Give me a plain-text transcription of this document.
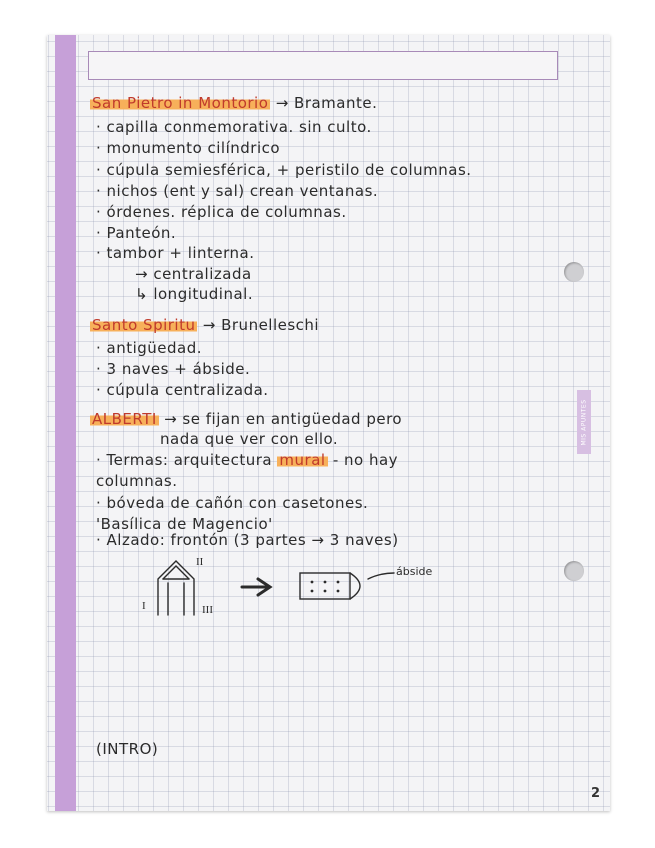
MIS APUNTES
San Pietro in Montorio → Bramante.
· capilla conmemorativa. sin culto.
· monumento cilíndrico
· cúpula semiesférica, + peristilo de columnas.
· nichos (ent y sal) crean ventanas.
· órdenes. réplica de columnas.
· Panteón.
· tambor + linterna.
→ centralizada
↳ longitudinal.
Santo Spiritu → Brunelleschi
· antigüedad.
· 3 naves + ábside.
· cúpula centralizada.
ALBERTI → se fijan en antigüedad pero
nada que ver con ello.
· Termas: arquitectura mural - no hay
columnas.
· bóveda de cañón con casetones.
'Basílica de Magencio'
· Alzado: frontón (3 partes → 3 naves)
I
II
III
ábside
(INTRO)
2
